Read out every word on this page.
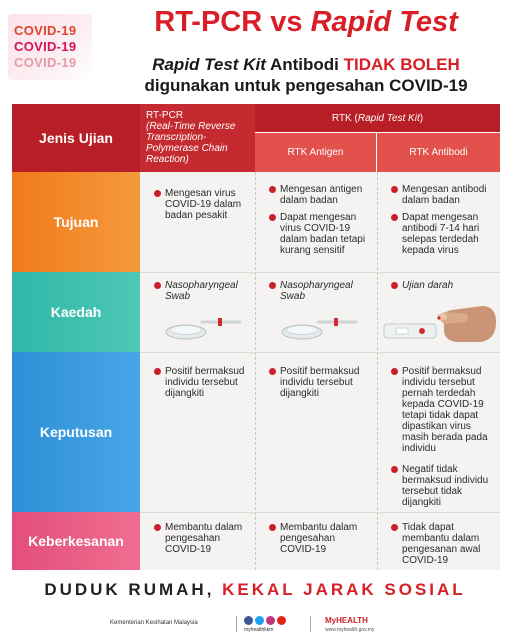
COVID-19
COVID-19
COVID-19
RT-PCR vs Rapid Test
Rapid Test Kit Antibodi TIDAK BOLEH
digunakan untuk pengesahan COVID-19
Jenis Ujian
RT-PCR
(Real-Time Reverse Transcription-Polymerase Chain Reaction)
RTK ( Rapid Test Kit )
RTK Antigen	RTK Antibodi
Tujuan
Kaedah
Keputusan
Keberkesanan
Mengesan virus COVID-19 dalam badan pesakit
Mengesan antigen dalam badan
Dapat mengesan virus COVID-19 dalam badan tetapi kurang sensitif
Mengesan antibodi dalam badan
Dapat mengesan antibodi 7-14 hari selepas terdedah kepada virus
Nasopharyngeal Swab
Nasopharyngeal Swab
Ujian darah
Positif bermaksud individu tersebut dijangkiti
Positif bermaksud individu tersebut dijangkiti
Positif bermaksud individu tersebut pernah terdedah kepada COVID-19 tetapi tidak dapat dipastikan virus masih berada pada individu
Negatif tidak bermaksud individu tersebut tidak dijangkiti
Membantu dalam pengesahan COVID-19
Membantu dalam pengesahan COVID-19
Tidak dapat membantu dalam pengesanan awal COVID-19
DUDUK RUMAH, KEKAL JARAK SOSIAL
Kementerian Kesihatan Malaysia
myhealthkkm
MyHEALTH
www.myhealth.gov.my
